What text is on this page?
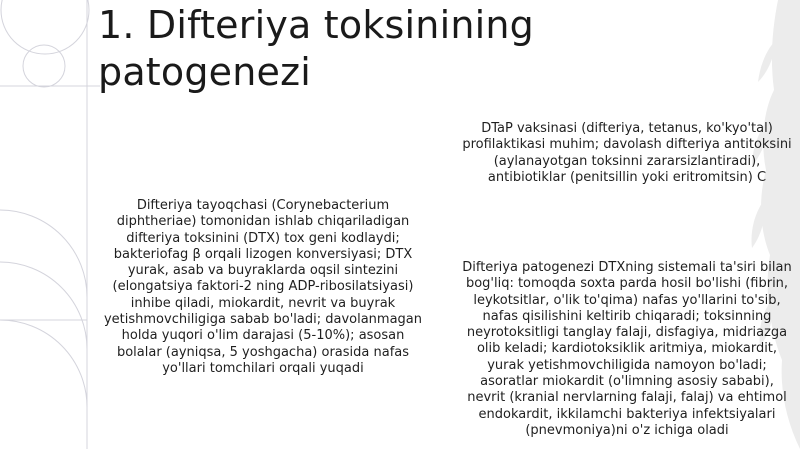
1. Difteriya toksinining patogenezi

Difteriya tayoqchasi (Corynebacterium diphtheriae) tomonidan ishlab chiqariladigan difteriya toksinini (DTX) tox geni kodlaydi; bakteriofag β orqali lizogen konversiyasi; DTX yurak, asab va buyraklarda oqsil sintezini (elongatsiya faktori-2 ning ADP-ribosilatsiyasi) inhibe qiladi, miokardit, nevrit va buyrak yetishmovchiligiga sabab bo'ladi; davolanmagan holda yuqori o'lim darajasi (5-10%); asosan bolalar (ayniqsa, 5 yoshgacha) orasida nafas yo'llari tomchilari orqali yuqadi

DTaP vaksinasi (difteriya, tetanus, ko'kyo'tal) profilaktikasi muhim; davolash difteriya antitoksini (aylanayotgan toksinni zararsizlantiradi), antibiotiklar (penitsillin yoki eritromitsin) C

Difteriya patogenezi DTXning sistemali ta'siri bilan bog'liq: tomoqda soxta parda hosil bo'lishi (fibrin, leykotsitlar, o'lik to'qima) nafas yo'llarini to'sib, nafas qisilishini keltirib chiqaradi; toksinning neyrotoksitligi tanglay falaji, disfagiya, midriazga olib keladi; kardiotoksiklik aritmiya, miokardit, yurak yetishmovchiligida namoyon bo'ladi; asoratlar miokardit (o'limning asosiy sababi), nevrit (kranial nervlarning falaji, falaj) va ehtimol endokardit, ikkilamchi bakteriya infektsiyalari (pnevmoniya)ni o'z ichiga oladi
